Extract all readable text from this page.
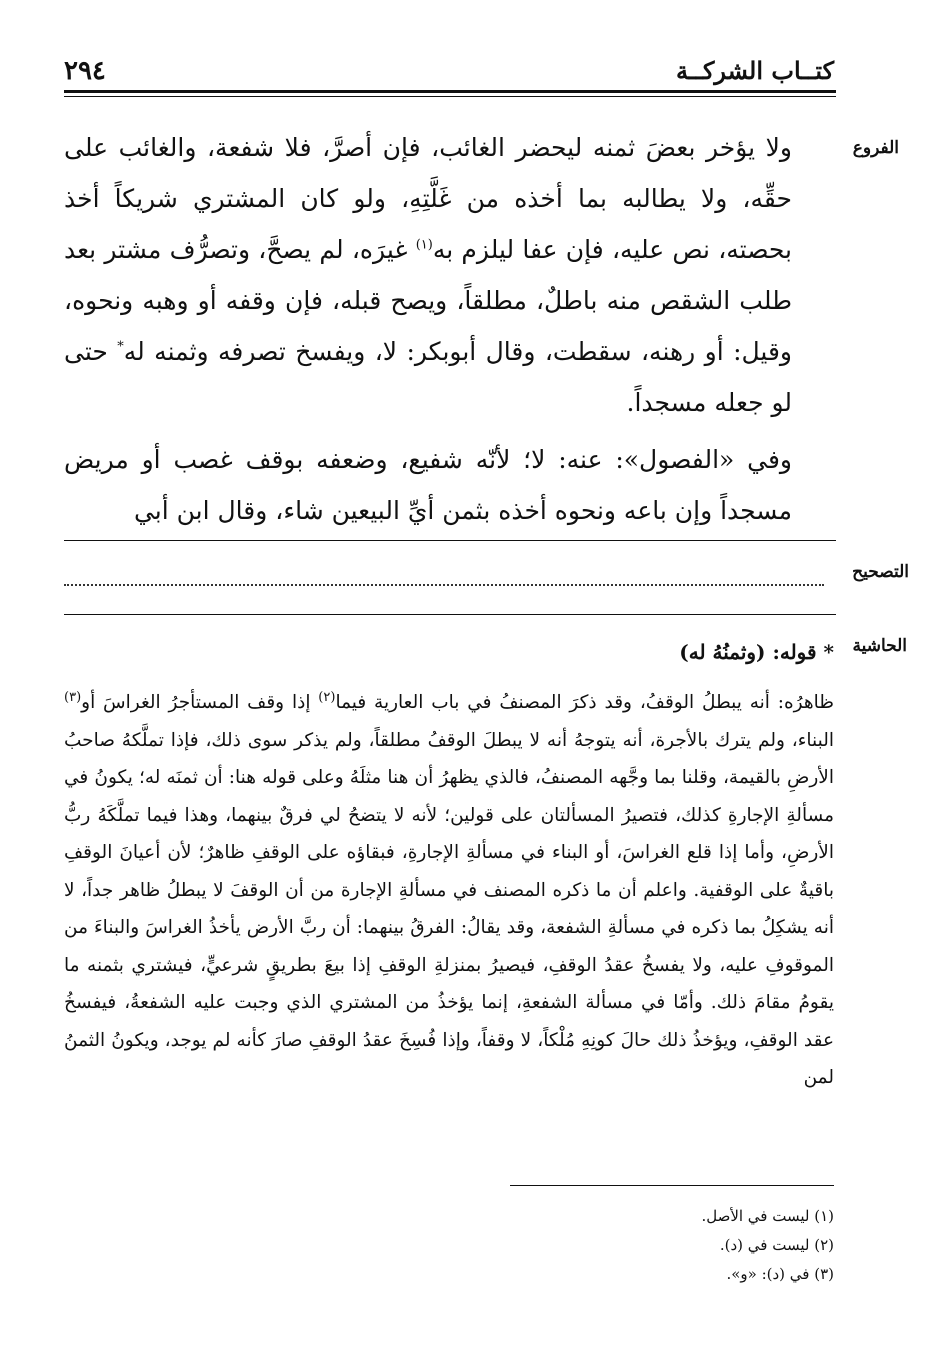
كتــاب الشركــة
٢٩٤
الفروع

ولا يؤخر بعضَ ثمنه ليحضر الغائب، فإن أصرَّ، فلا شفعة، والغائب على حقِّه، ولا يطالبه بما أخذه من غَلَّتِهِ، ولو كان المشتري شريكاً أخذ بحصته، نص عليه، فإن عفا ليلزم به$^{(١)}$ غيرَه، لم يصحَّ، وتصرُّف مشتر بعد طلب الشقص منه باطلٌ، مطلقاً، ويصح قبله، فإن وقفه أو وهبه ونحوه، وقيل: أو رهنه، سقطت، وقال أبوبكر: لا، ويفسخ تصرفه وثمنه له* حتى لو جعله مسجداً.

وفي «الفصول»: عنه: لا؛ لأنّه شفيع، وضعفه بوقف غصب أو مريض مسجداً وإن باعه ونحوه أخذه بثمن أيِّ البيعين شاء، وقال ابن أبي

التصحيح
الحاشية
* قوله: (وثمنُهُ له)

ظاهرُه: أنه يبطلُ الوقفُ، وقد ذكرَ المصنفُ في باب العارية فيما$^{(٢)}$ إذا وقف المستأجرُ الغراسَ أو$^{(٣)}$ البناء، ولم يترك بالأجرة، أنه يتوجهُ أنه لا يبطلَ الوقفُ مطلقاً، ولم يذكر سوى ذلك، فإذا تملَّكهُ صاحبُ الأرضِ بالقيمة، وقلنا بما وجَّهه المصنفُ، فالذي يظهرُ أن هنا مثلَهُ وعلى قوله هنا: أن ثمنَه له؛ يكونُ في مسألةِ الإجارةِ كذلك، فتصيرُ المسألتان على قولين؛ لأنه لا يتضحُ لي فرقٌ بينهما، وهذا فيما تملَّكَهُ ربُّ الأرضِ، وأما إذا قلع الغراسَ، أو البناء في مسألةِ الإجارةِ، فبقاؤه على الوقفِ ظاهرٌ؛ لأن أعيانَ الوقفِ باقيةٌ على الوقفية. واعلم أن ما ذكره المصنف في مسألةِ الإجارة من أن الوقفَ لا يبطلُ ظاهر جداً، لا أنه يشكِلُ بما ذكره في مسألةِ الشفعة، وقد يقالُ: الفرقُ بينهما: أن ربَّ الأرض يأخذُ الغراسَ والبناءَ من الموقوفِ عليه، ولا يفسخُ عقدُ الوقفِ، فيصيرُ بمنزلةِ الوقفِ إذا بيعَ بطريقٍ شرعيٍّ، فيشتري بثمنه ما يقومُ مقامَ ذلك. وأمّا في مسألة الشفعةِ، إنما يؤخذُ من المشتري الذي وجبت عليه الشفعةُ، فيفسخُ عقد الوقفِ، ويؤخذُ ذلك حالَ كونِهِ مُلْكاً، لا وقفاً، وإذا فُسِخَ عقدُ الوقفِ صارَ كأنه لم يوجد، ويكونُ الثمنُ لمن

(١) ليست في الأصل.
(٢) ليست في (د).
(٣) في (د): «و».
